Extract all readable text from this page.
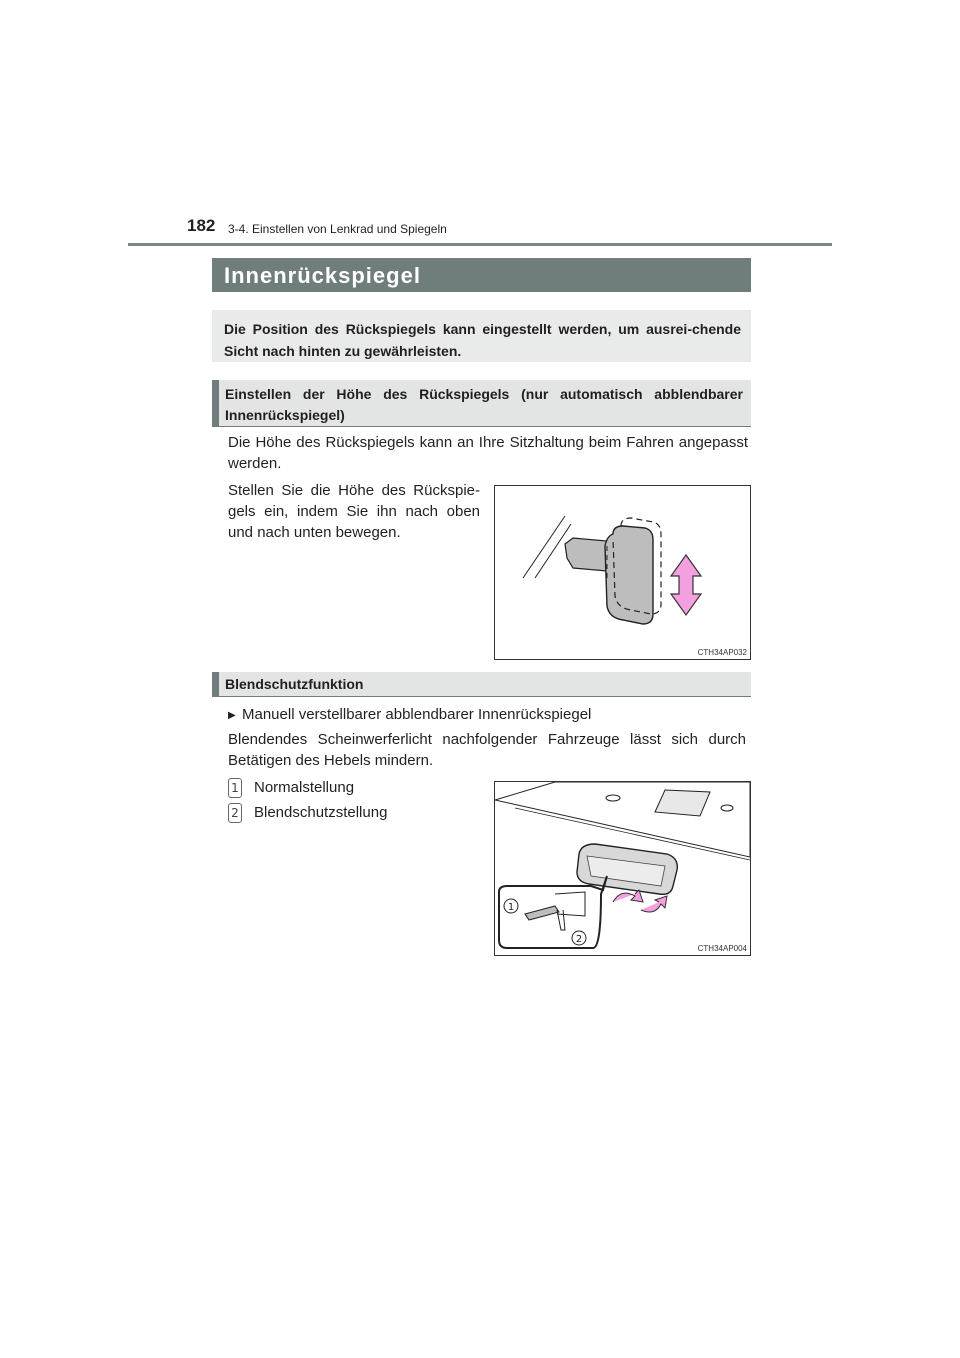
182 3-4. Einstellen von Lenkrad und Spiegeln
Innenrückspiegel
Die Position des Rückspiegels kann eingestellt werden, um ausrei-chende Sicht nach hinten zu gewährleisten.
Einstellen der Höhe des Rückspiegels (nur automatisch abblendbarer Innenrückspiegel)
Die Höhe des Rückspiegels kann an Ihre Sitzhaltung beim Fahren angepasst werden.
Stellen Sie die Höhe des Rückspie-gels ein, indem Sie ihn nach oben und nach unten bewegen.
CTH34AP032
Blendschutzfunktion
▶ Manuell verstellbarer abblendbarer Innenrückspiegel
Blendendes Scheinwerferlicht nachfolgender Fahrzeuge lässt sich durch Betätigen des Hebels mindern.
1 Normalstellung
2 Blendschutzstellung
1
2
CTH34AP004
